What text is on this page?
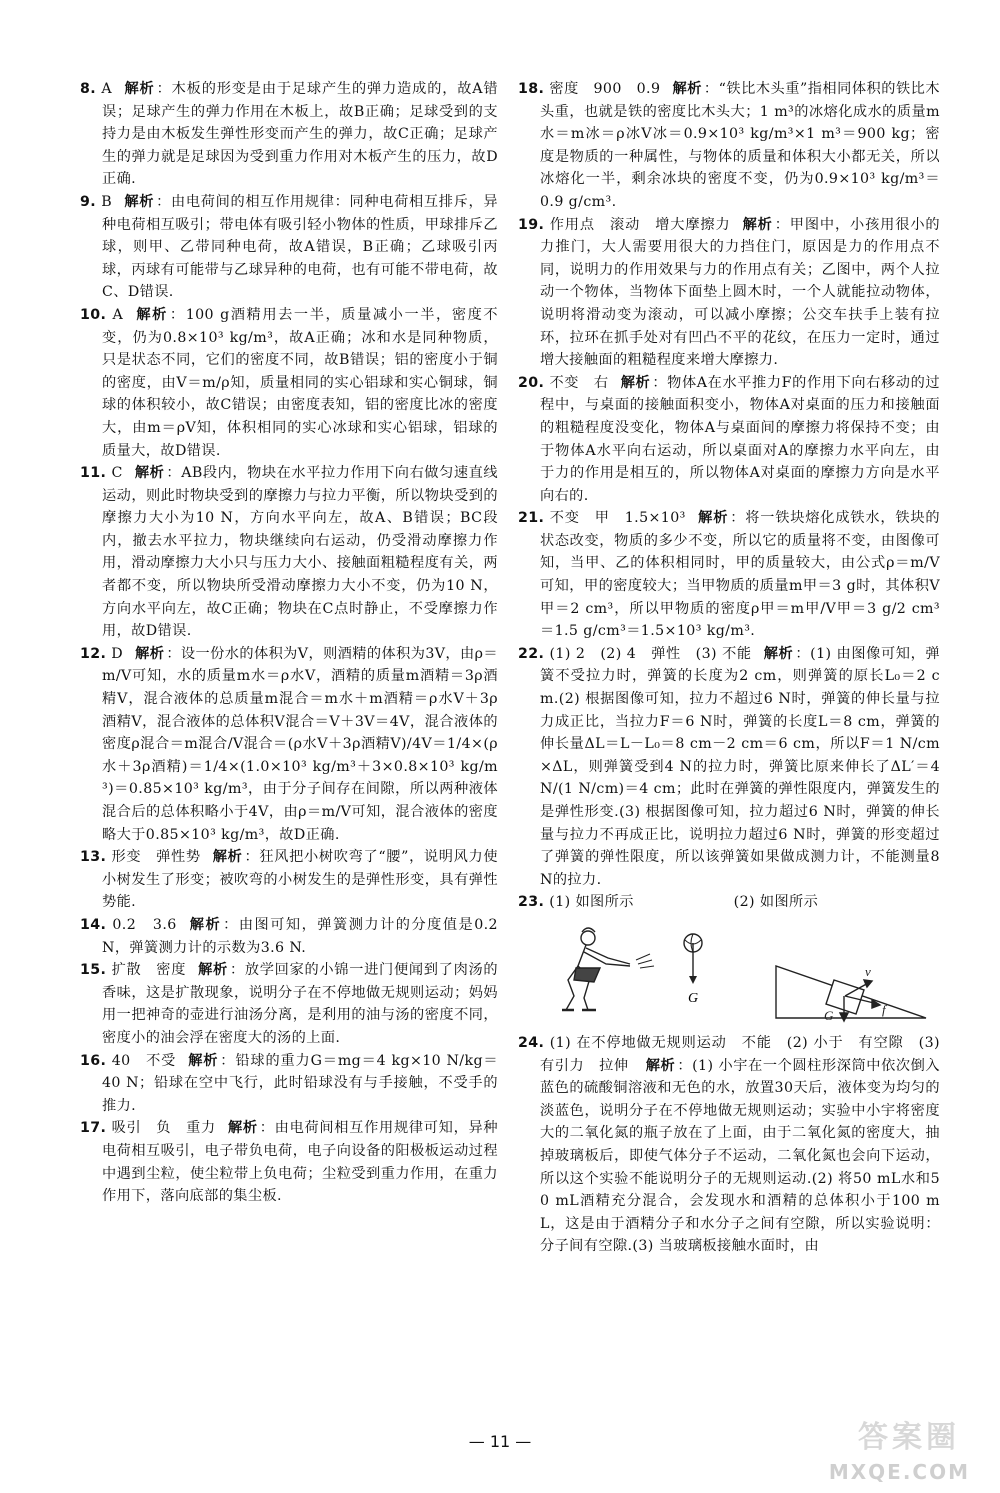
8. A 解析 ：木板的形变是由于足球产生的弹力造成的，故A错误；足球产生的弹力作用在木板上，故B正确；足球受到的支持力是由木板发生弹性形变而产生的弹力，故C正确；足球产生的弹力就是足球因为受到重力作用对木板产生的压力，故D正确.
9. B 解析 ：由电荷间的相互作用规律：同种电荷相互排斥，异种电荷相互吸引；带电体有吸引轻小物体的性质，甲球排斥乙球，则甲、乙带同种电荷，故A错误，B正确；乙球吸引丙球，丙球有可能带与乙球异种的电荷，也有可能不带电荷，故C、D错误.
10. A 解析 ：100 g酒精用去一半，质量减小一半，密度不变，仍为0.8×10³ kg/m³，故A正确；冰和水是同种物质，只是状态不同，它们的密度不同，故B错误；铝的密度小于铜的密度，由V＝m/ρ知，质量相同的实心铝球和实心铜球，铜球的体积较小，故C错误；由密度表知，铝的密度比冰的密度大，由m＝ρV知，体积相同的实心冰球和实心铝球，铝球的质量大，故D错误.
11. C 解析 ：AB段内，物块在水平拉力作用下向右做匀速直线运动，则此时物块受到的摩擦力与拉力平衡，所以物块受到的摩擦力大小为10 N，方向水平向左，故A、B错误；BC段内，撤去水平拉力，物块继续向右运动，仍受滑动摩擦力作用，滑动摩擦力大小只与压力大小、接触面粗糙程度有关，两者都不变，所以物块所受滑动摩擦力大小不变，仍为10 N，方向水平向左，故C正确；物块在C点时静止，不受摩擦力作用，故D错误.
12. D 解析 ：设一份水的体积为V，则酒精的体积为3V，由ρ＝m/V可知，水的质量m水＝ρ水V，酒精的质量m酒精＝3ρ酒精V，混合液体的总质量m混合＝m水＋m酒精＝ρ水V＋3ρ酒精V，混合液体的总体积V混合＝V＋3V＝4V，混合液体的密度ρ混合＝m混合/V混合＝(ρ水V＋3ρ酒精V)/4V＝1/4×(ρ水＋3ρ酒精)＝1/4×(1.0×10³ kg/m³＋3×0.8×10³ kg/m³)＝0.85×10³ kg/m³，由于分子间存在间隙，所以两种液体混合后的总体积略小于4V，由ρ＝m/V可知，混合液体的密度略大于0.85×10³ kg/m³，故D正确.
13. 形变　弹性势 解析 ：狂风把小树吹弯了“腰”，说明风力使小树发生了形变；被吹弯的小树发生的是弹性形变，具有弹性势能.
14. 0.2　3.6 解析 ：由图可知，弹簧测力计的分度值是0.2 N，弹簧测力计的示数为3.6 N.
15. 扩散　密度 解析 ：放学回家的小锦一进门便闻到了肉汤的香味，这是扩散现象，说明分子在不停地做无规则运动；妈妈用一把神奇的壶进行油汤分离，是利用的油与汤的密度不同，密度小的油会浮在密度大的汤的上面.
16. 40　不受 解析 ：铅球的重力G＝mg＝4 kg×10 N/kg＝40 N；铅球在空中飞行，此时铅球没有与手接触，不受手的推力.
17. 吸引　负　重力 解析 ：由电荷间相互作用规律可知，异种电荷相互吸引，电子带负电荷，电子向设备的阳极板运动过程中遇到尘粒，使尘粒带上负电荷；尘粒受到重力作用，在重力作用下，落向底部的集尘板.
18. 密度　900　0.9 解析 ：“铁比木头重”指相同体积的铁比木头重，也就是铁的密度比木头大；1 m³的冰熔化成水的质量m水＝m冰＝ρ冰V冰＝0.9×10³ kg/m³×1 m³＝900 kg；密度是物质的一种属性，与物体的质量和体积大小都无关，所以冰熔化一半，剩余冰块的密度不变，仍为0.9×10³ kg/m³＝0.9 g/cm³.
19. 作用点　滚动　增大摩擦力 解析 ：甲图中，小孩用很小的力推门，大人需要用很大的力挡住门，原因是力的作用点不同，说明力的作用效果与力的作用点有关；乙图中，两个人拉动一个物体，当物体下面垫上圆木时，一个人就能拉动物体，说明将滑动变为滚动，可以减小摩擦；公交车扶手上装有拉环，拉环在抓手处对有凹凸不平的花纹，在压力一定时，通过增大接触面的粗糙程度来增大摩擦力.
20. 不变　右 解析 ：物体A在水平推力F的作用下向右移动的过程中，与桌面的接触面积变小，物体A对桌面的压力和接触面的粗糙程度没变化，物体A与桌面间的摩擦力将保持不变；由于物体A水平向右运动，所以桌面对A的摩擦力水平向左，由于力的作用是相互的，所以物体A对桌面的摩擦力方向是水平向右的.
21. 不变　甲　1.5×10³ 解析 ：将一铁块熔化成铁水，铁块的状态改变，物质的多少不变，所以它的质量将不变，由图像可知，当甲、乙的体积相同时，甲的质量较大，由公式ρ＝m/V可知，甲的密度较大；当甲物质的质量m甲＝3 g时，其体积V甲＝2 cm³，所以甲物质的密度ρ甲＝m甲/V甲＝3 g/2 cm³＝1.5 g/cm³＝1.5×10³ kg/m³.
22. (1) 2　(2) 4　弹性　(3) 不能 解析 ：(1) 由图像可知，弹簧不受拉力时，弹簧的长度为2 cm，则弹簧的原长L₀＝2 cm.(2) 根据图像可知，拉力不超过6 N时，弹簧的伸长量与拉力成正比，当拉力F＝6 N时，弹簧的长度L＝8 cm，弹簧的伸长量ΔL＝L－L₀＝8 cm－2 cm＝6 cm，所以F＝1 N/cm×ΔL，则弹簧受到4 N的拉力时，弹簧比原来伸长了ΔL′＝4 N/(1 N/cm)＝4 cm；此时在弹簧的弹性限度内，弹簧发生的是弹性形变.(3) 根据图像可知，拉力超过6 N时，弹簧的伸长量与拉力不再成正比，说明拉力超过6 N时，弹簧的形变超过了弹簧的弹性限度，所以该弹簧如果做成测力计，不能测量8 N的拉力.
23. (1) 如图所示	(2) 如图所示
G
v
f
G
24. (1) 在不停地做无规则运动　不能　(2) 小于　有空隙　(3) 有引力　拉伸 解析 ：(1) 小宇在一个圆柱形深筒中依次倒入蓝色的硫酸铜溶液和无色的水，放置30天后，液体变为均匀的淡蓝色，说明分子在不停地做无规则运动；实验中小宇将密度大的二氧化氮的瓶子放在了上面，由于二氧化氮的密度大，抽掉玻璃板后，即使气体分子不运动，二氧化氮也会向下运动，所以这个实验不能说明分子的无规则运动.(2) 将50 mL水和50 mL酒精充分混合，会发现水和酒精的总体积小于100 mL，这是由于酒精分子和水分子之间有空隙，所以实验说明：分子间有空隙.(3) 当玻璃板接触水面时，由
— 11 —	答案圈
MXQE.COM
